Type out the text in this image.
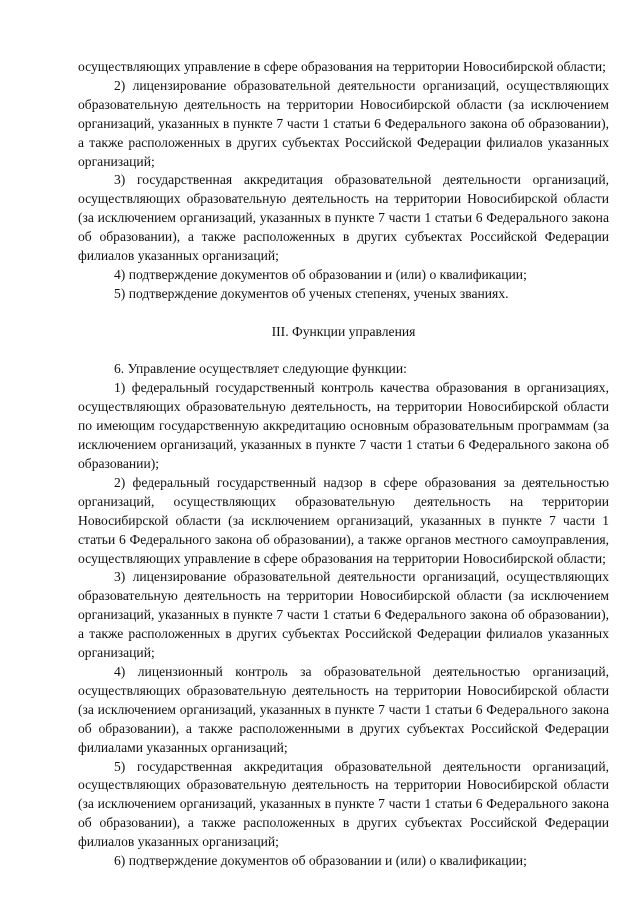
осуществляющих управление в сфере образования на территории Новосибирской области;

2) лицензирование образовательной деятельности организаций, осуществляющих образовательную деятельность на территории Новосибирской области (за исключением организаций, указанных в пункте 7 части 1 статьи 6 Федерального закона об образовании), а также расположенных в других субъектах Российской Федерации филиалов указанных организаций;

3) государственная аккредитация образовательной деятельности организаций, осуществляющих образовательную деятельность на территории Новосибирской области (за исключением организаций, указанных в пункте 7 части 1 статьи 6 Федерального закона об образовании), а также расположенных в других субъектах Российской Федерации филиалов указанных организаций;

4) подтверждение документов об образовании и (или) о квалификации;

5) подтверждение документов об ученых степенях, ученых званиях.

III. Функции управления

6. Управление осуществляет следующие функции:

1) федеральный государственный контроль качества образования в организациях, осуществляющих образовательную деятельность, на территории Новосибирской области по имеющим государственную аккредитацию основным образовательным программам (за исключением организаций, указанных в пункте 7 части 1 статьи 6 Федерального закона об образовании);

2) федеральный государственный надзор в сфере образования за деятельностью организаций, осуществляющих образовательную деятельность на территории Новосибирской области (за исключением организаций, указанных в пункте 7 части 1 статьи 6 Федерального закона об образовании), а также органов местного самоуправления, осуществляющих управление в сфере образования на территории Новосибирской области;

3) лицензирование образовательной деятельности организаций, осуществляющих образовательную деятельность на территории Новосибирской области (за исключением организаций, указанных в пункте 7 части 1 статьи 6 Федерального закона об образовании), а также расположенных в других субъектах Российской Федерации филиалов указанных организаций;

4) лицензионный контроль за образовательной деятельностью организаций, осуществляющих образовательную деятельность на территории Новосибирской области (за исключением организаций, указанных в пункте 7 части 1 статьи 6 Федерального закона об образовании), а также расположенными в других субъектах Российской Федерации филиалами указанных организаций;

5) государственная аккредитация образовательной деятельности организаций, осуществляющих образовательную деятельность на территории Новосибирской области (за исключением организаций, указанных в пункте 7 части 1 статьи 6 Федерального закона об образовании), а также расположенных в других субъектах Российской Федерации филиалов указанных организаций;

6) подтверждение документов об образовании и (или) о квалификации;
